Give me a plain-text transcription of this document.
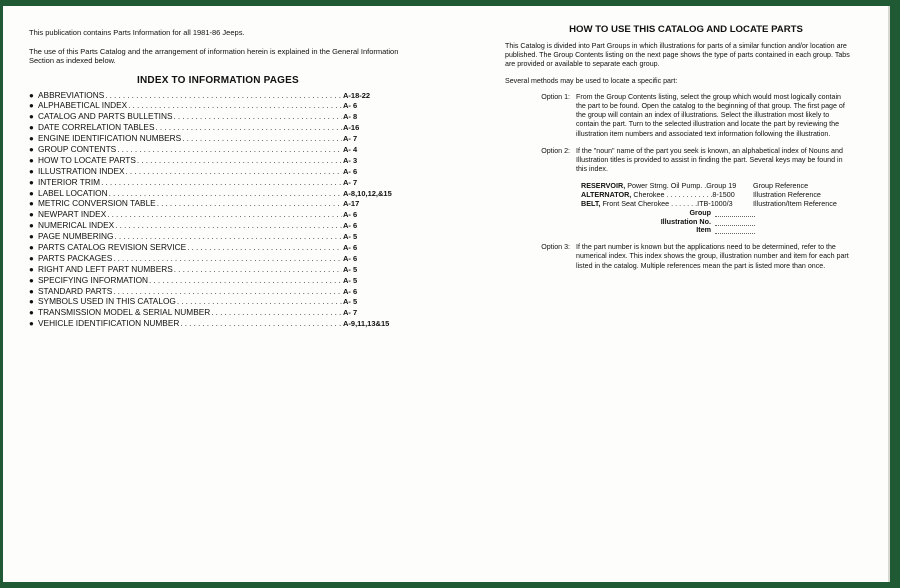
This publication contains Parts Information for all 1981-86 Jeeps.

The use of this Parts Catalog and the arrangement of information herein is explained in the General Information Section as indexed below.

INDEX TO INFORMATION PAGES
● ABBREVIATIONS .....	A-18-22
● ALPHABETICAL INDEX .....	A- 6
● CATALOG AND PARTS BULLETINS .....	A- 8
● DATE CORRELATION TABLES .....	A-16
● ENGINE IDENTIFICATION NUMBERS .....	A- 7
● GROUP CONTENTS .....	A- 4
● HOW TO LOCATE PARTS .....	A- 3
● ILLUSTRATION INDEX .....	A- 6
● INTERIOR TRIM .....	A- 7
● LABEL LOCATION .....	A-8,10,12,&15
● METRIC CONVERSION TABLE .....	A-17
● NEWPART INDEX .....	A- 6
● NUMERICAL INDEX .....	A- 6
● PAGE NUMBERING .....	A- 5
● PARTS CATALOG REVISION SERVICE .....	A- 6
● PARTS PACKAGES .....	A- 6
● RIGHT AND LEFT PART NUMBERS .....	A- 5
● SPECIFYING INFORMATION .....	A- 5
● STANDARD PARTS .....	A- 6
● SYMBOLS USED IN THIS CATALOG .....	A- 5
● TRANSMISSION MODEL & SERIAL NUMBER .....	A- 7
● VEHICLE IDENTIFICATION NUMBER .....	A-9,11,13&15
HOW TO USE THIS CATALOG AND LOCATE PARTS

This Catalog is divided into Part Groups in which illustrations for parts of a similar function and/or location are published. The Group Contents listing on the next page shows the type of parts contained in each group. Tabs are provided or available to separate each group.

Several methods may be used to locate a specific part:

Option 1: From the Group Contents listing, select the group which would most logically contain the part to be found. Open the catalog to the beginning of that group. The first page of the group will contain an index of illustrations. Select the illustration most likely to contain the part. Turn to the selected illustration and locate the part by reviewing the illustration item numbers and associated text information following the illustration.
Option 2: If the "noun" name of the part you seek is known, an alphabetical index of Nouns and Illustration titles is provided to assist in finding the part. Several keys may be found in this index.
RESERVOIR, Power Strng. Oil Pump. .Group 19	Group Reference
ALTERNATOR, Cherokee . . . . . . . . . . . .8-1500	Illustration Reference
BELT, Front Seat Cherokee . . . . . . .ITB-1000/3	Illustration/Item Reference
Group
Illustration No.
Item
Option 3: If the part number is known but the applications need to be determined, refer to the numerical index. This index shows the group, illustration number and item for each part listed in the catalog. Multiple references mean the part is listed more than once.
